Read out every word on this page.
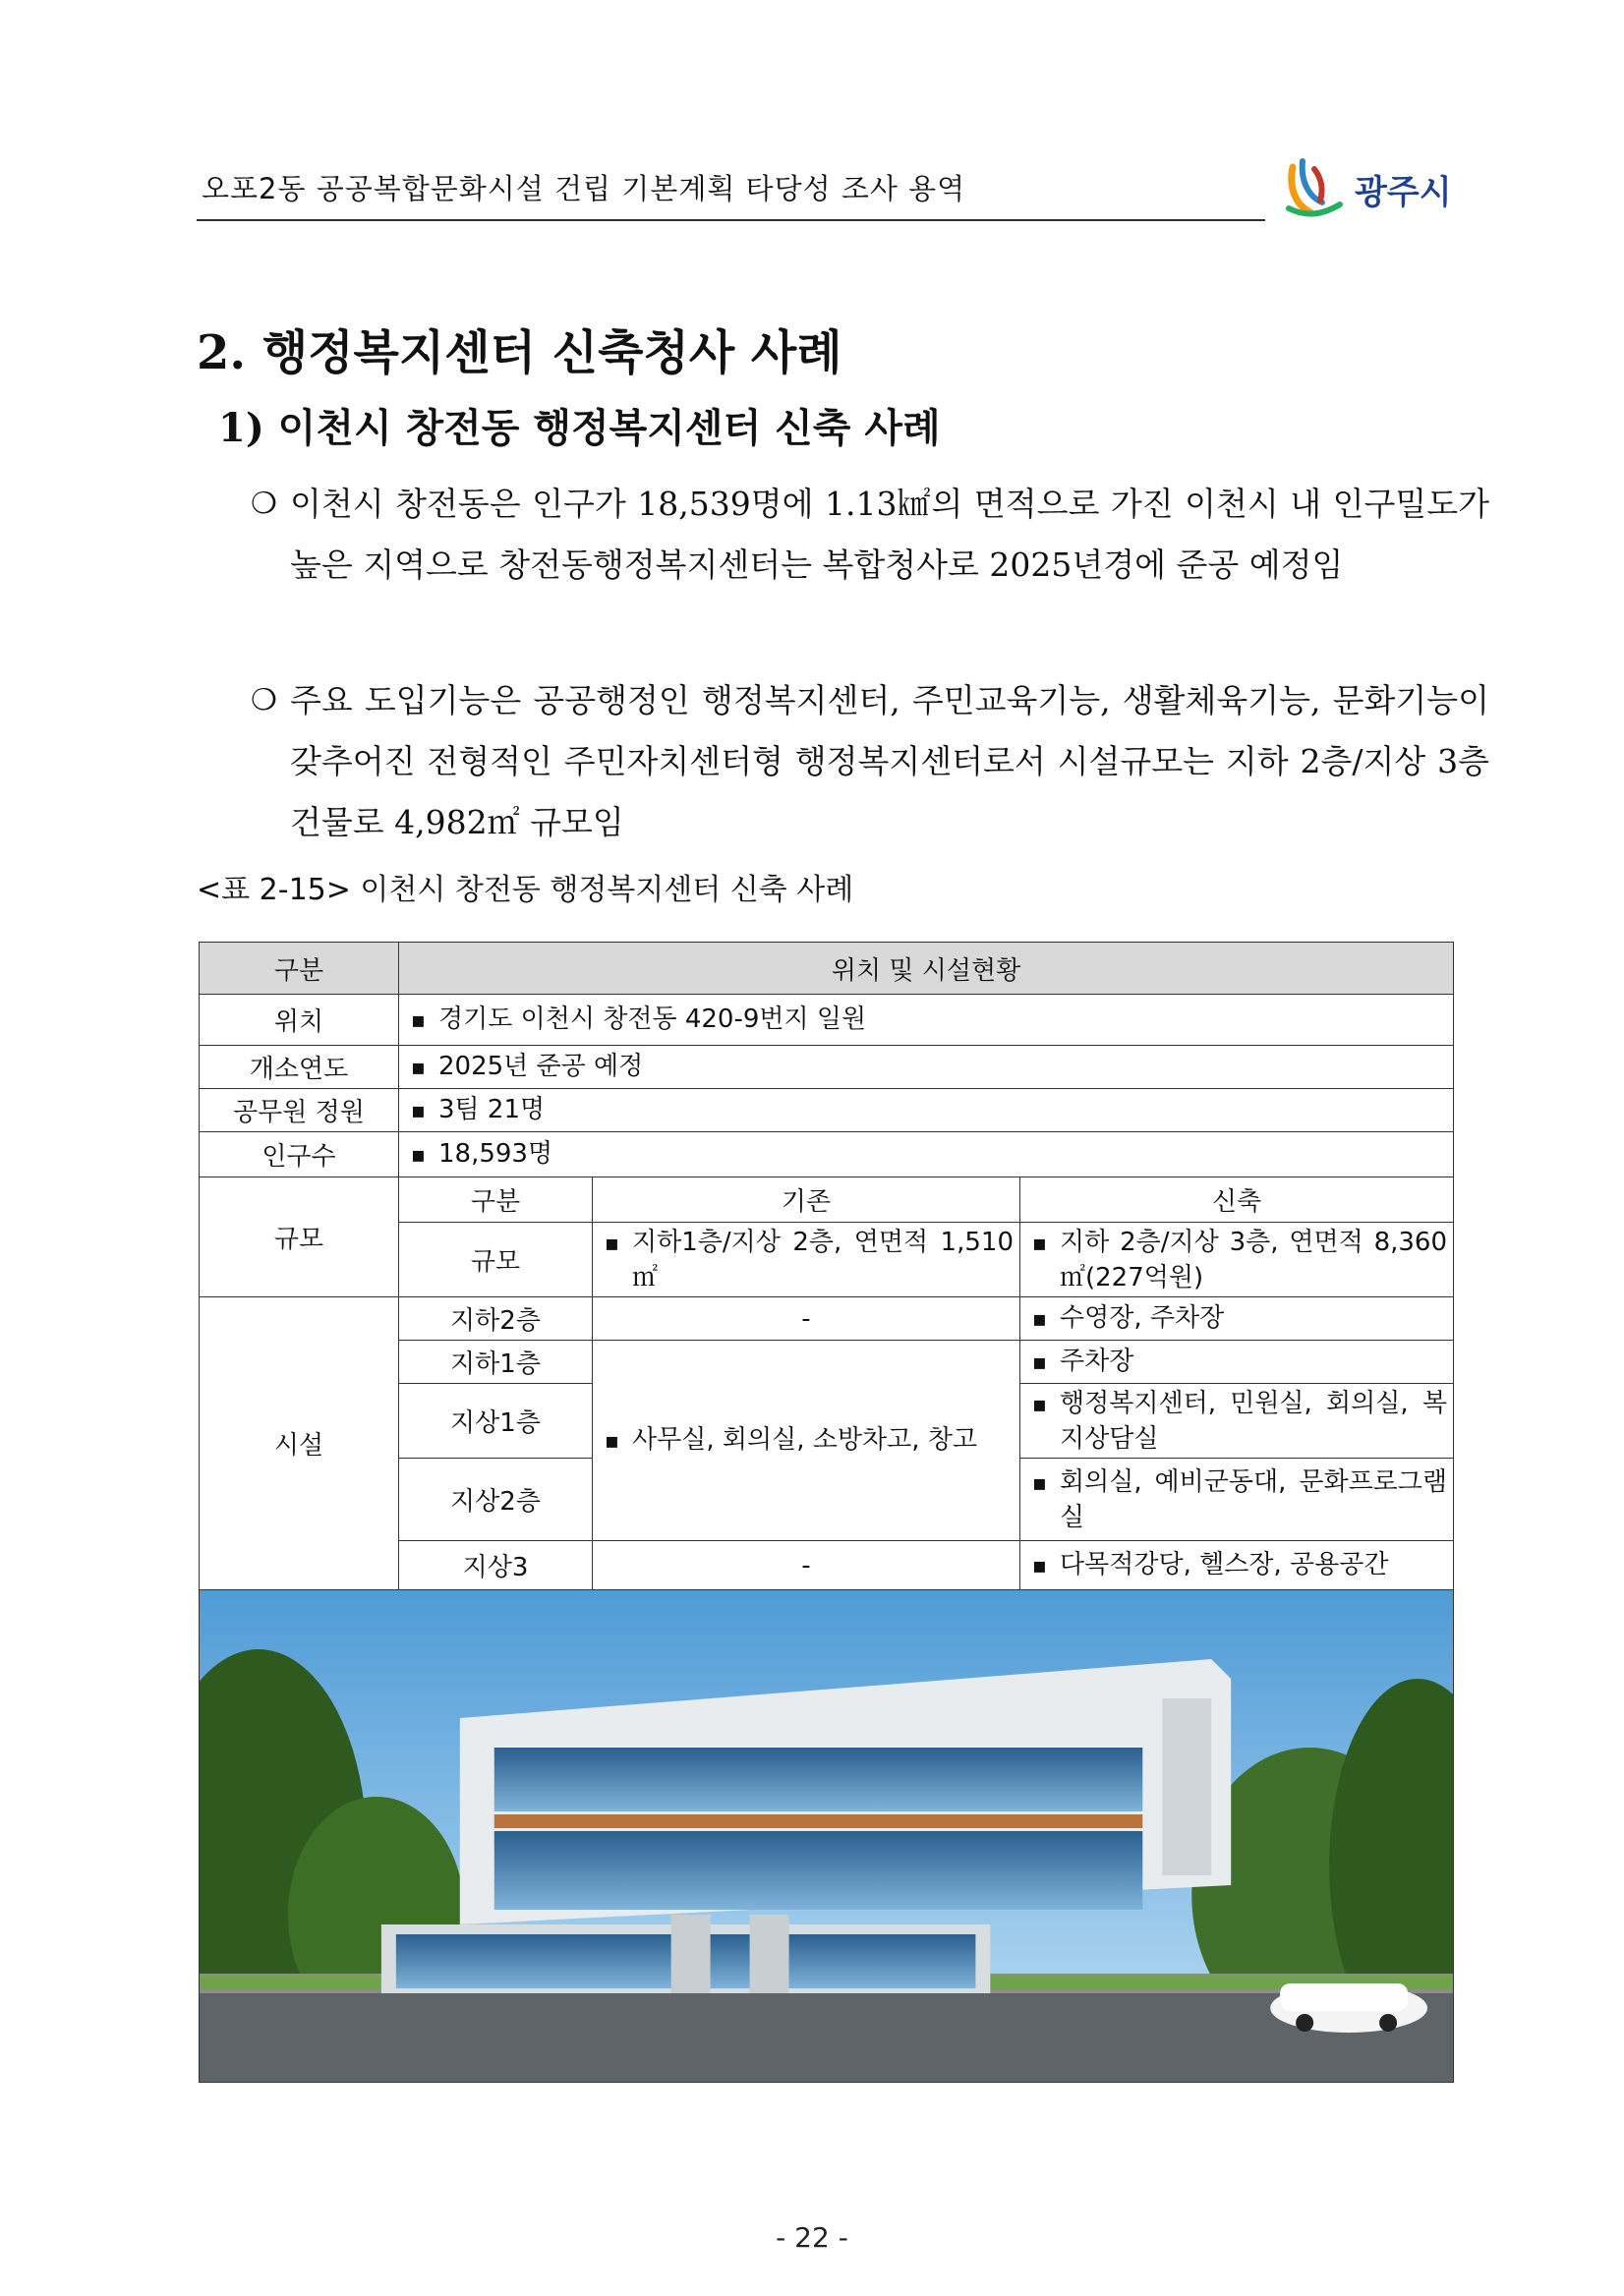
오포2동 공공복합문화시설 건립 기본계획 타당성 조사 용역	광주시
2. 행정복지센터 신축청사 사례
1) 이천시 창전동 행정복지센터 신축 사례
❍ 이천시 창전동은 인구가 18,539명에 1.13㎢의 면적으로 가진 이천시 내 인구밀도가 높은 지역으로 창전동행정복지센터는 복합청사로 2025년경에 준공 예정임
❍ 주요 도입기능은 공공행정인 행정복지센터, 주민교육기능, 생활체육기능, 문화기능이 갖추어진 전형적인 주민자치센터형 행정복지센터로서 시설규모는 지하 2층/지상 3층 건물로 4,982㎡ 규모임
<표 2-15> 이천시 창전동 행정복지센터 신축 사례
구분	위치 및 시설현황		
위치	▪ 경기도 이천시 창전동 420-9번지 일원

개소연도	▪ 2025년 준공 예정

공무원 정원	▪ 3팀 21명

인구수	▪ 18,593명

규모	구분	기존	신축
	규모	▪ 지하1층/지상 2층, 연면적 1,510㎡	▪ 지하 2층/지상 3층, 연면적 8,360㎡(227억원)

시설	지하2층	-	▪ 수영장, 주차장

	지하1층	▪ 사무실, 회의실, 소방차고, 창고	▪ 주차장

	지상1층		▪ 행정복지센터, 민원실, 회의실, 복지상담실

	지상2층		▪ 회의실, 예비군동대, 문화프로그램실

	지상3	-	▪ 다목적강당, 헬스장, 공용공간

- 22 -
